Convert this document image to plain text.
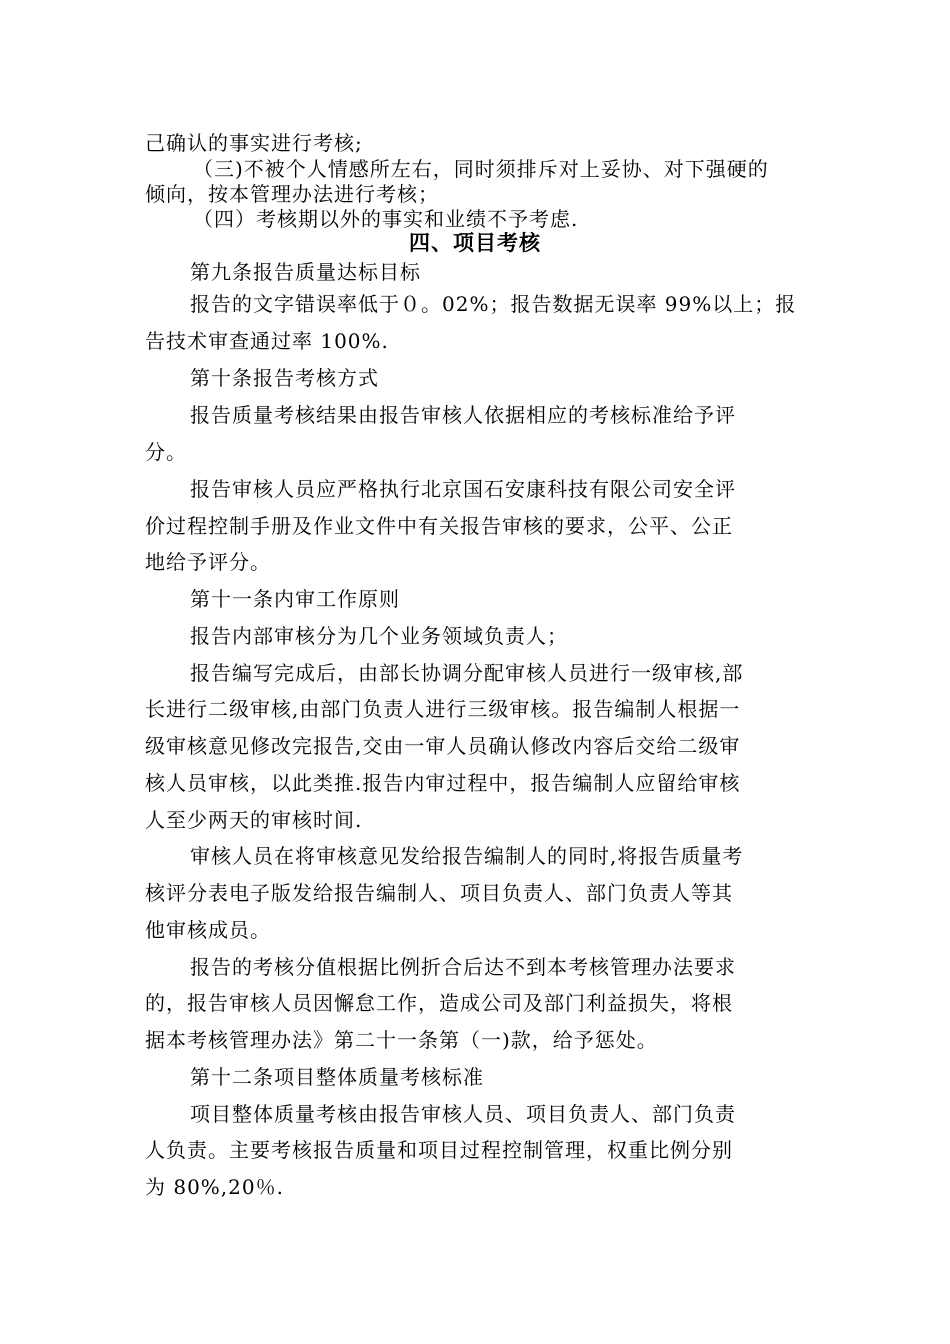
己确认的事实进行考核;
（三)不被个人情感所左右，同时须排斥对上妥协、对下强硬的
倾向，按本管理办法进行考核；
（四）考核期以外的事实和业绩不予考虑.
四、项目考核
第九条报告质量达标目标
报告的文字错误率低于０。02%；报告数据无误率 99%以上；报
告技术审查通过率 100%.
第十条报告考核方式
报告质量考核结果由报告审核人依据相应的考核标准给予评
分。
报告审核人员应严格执行北京国石安康科技有限公司安全评
价过程控制手册及作业文件中有关报告审核的要求，公平、公正
地给予评分。
第十一条内审工作原则
报告内部审核分为几个业务领域负责人；
报告编写完成后，由部长协调分配审核人员进行一级审核,部
长进行二级审核,由部门负责人进行三级审核。报告编制人根据一
级审核意见修改完报告,交由一审人员确认修改内容后交给二级审
核人员审核，以此类推.报告内审过程中，报告编制人应留给审核
人至少两天的审核时间.
审核人员在将审核意见发给报告编制人的同时,将报告质量考
核评分表电子版发给报告编制人、项目负责人、部门负责人等其
他审核成员。
报告的考核分值根据比例折合后达不到本考核管理办法要求
的，报告审核人员因懈怠工作，造成公司及部门利益损失，将根
据本考核管理办法》第二十一条第（一)款，给予惩处。
第十二条项目整体质量考核标准
项目整体质量考核由报告审核人员、项目负责人、部门负责
人负责。主要考核报告质量和项目过程控制管理，权重比例分别
为 80%,20％.
